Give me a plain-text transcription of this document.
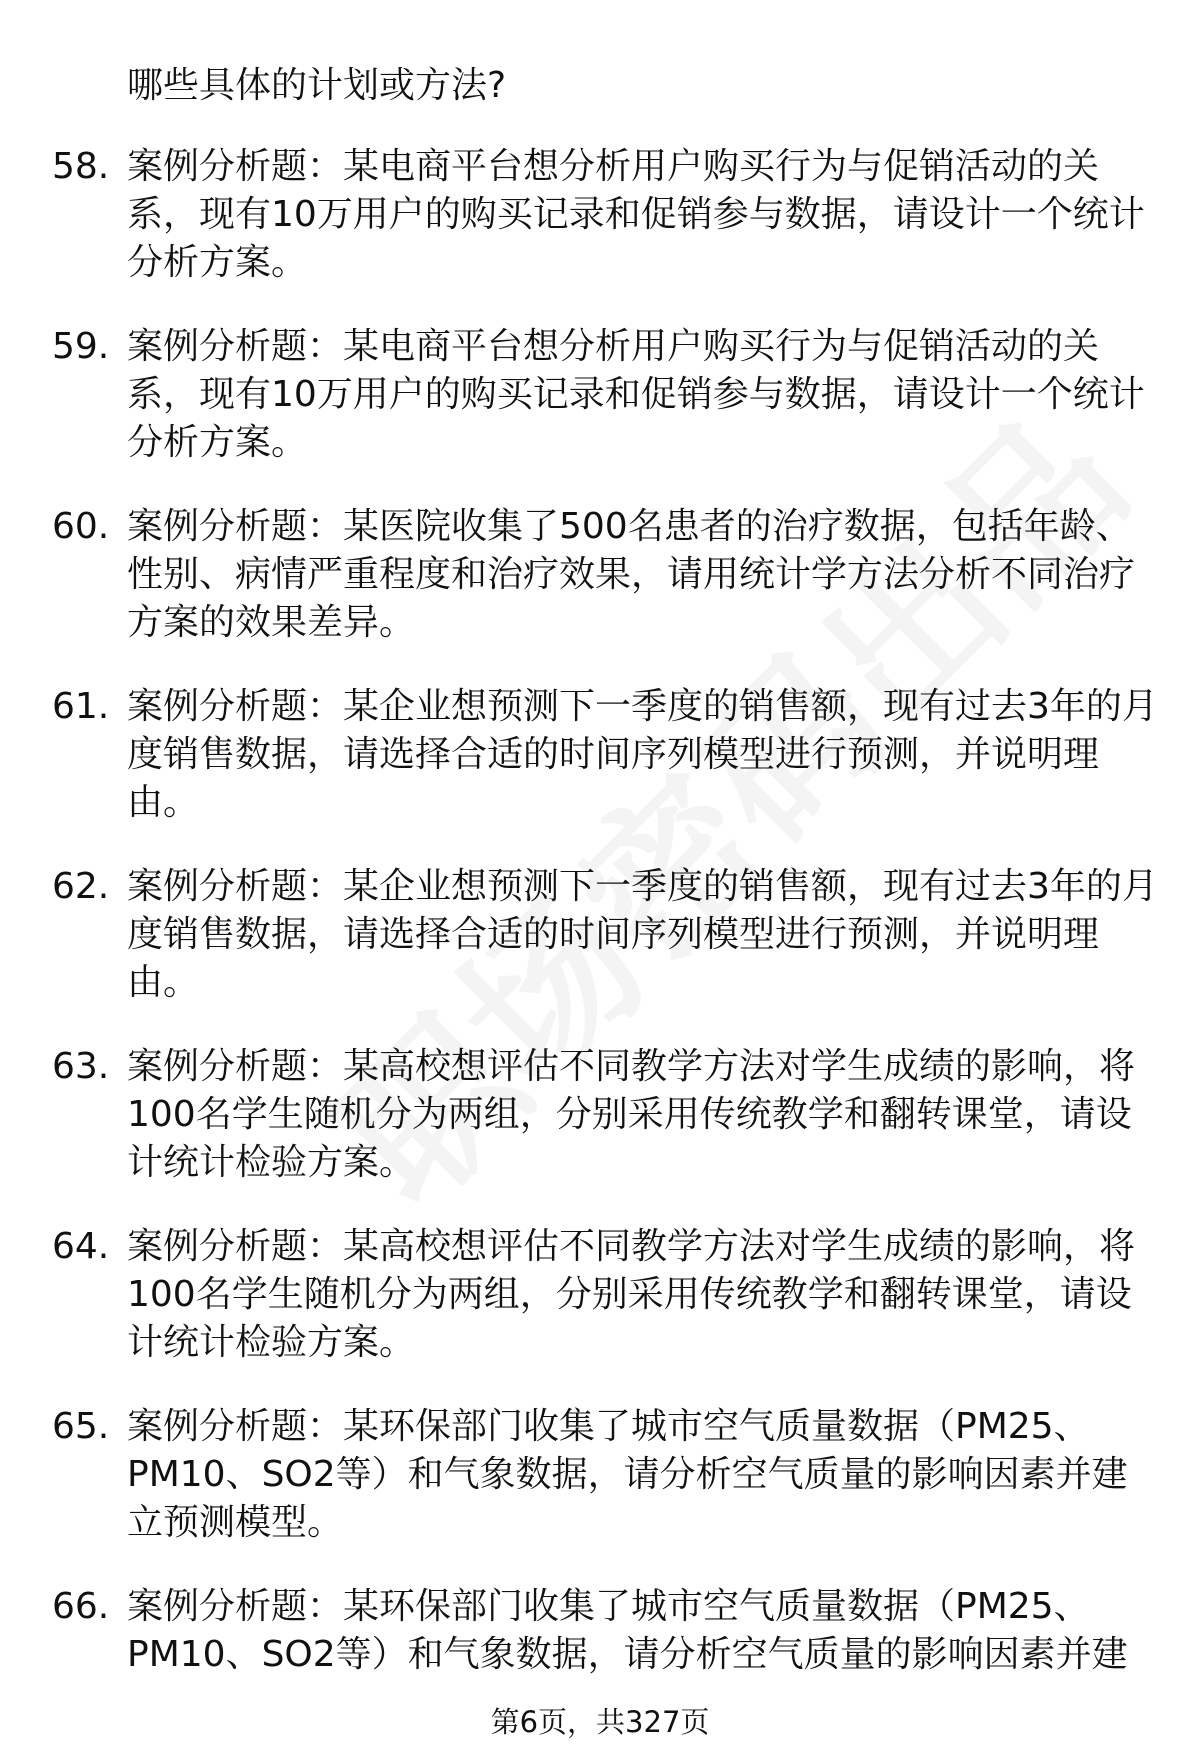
哪些具体的计划或方法?
58. 案例分析题：某电商平台想分析用户购买行为与促销活动的关
系，现有10万用户的购买记录和促销参与数据，请设计一个统计
分析方案。
59. 案例分析题：某电商平台想分析用户购买行为与促销活动的关
系，现有10万用户的购买记录和促销参与数据，请设计一个统计
分析方案。
60. 案例分析题：某医院收集了500名患者的治疗数据，包括年龄、
性别、病情严重程度和治疗效果，请用统计学方法分析不同治疗
方案的效果差异。
61. 案例分析题：某企业想预测下一季度的销售额，现有过去3年的月
度销售数据，请选择合适的时间序列模型进行预测，并说明理
由。
62. 案例分析题：某企业想预测下一季度的销售额，现有过去3年的月
度销售数据，请选择合适的时间序列模型进行预测，并说明理
由。
63. 案例分析题：某高校想评估不同教学方法对学生成绩的影响，将
100名学生随机分为两组，分别采用传统教学和翻转课堂，请设
计统计检验方案。
64. 案例分析题：某高校想评估不同教学方法对学生成绩的影响，将
100名学生随机分为两组，分别采用传统教学和翻转课堂，请设
计统计检验方案。
65. 案例分析题：某环保部门收集了城市空气质量数据（PM25、
PM10、SO2等）和气象数据，请分析空气质量的影响因素并建
立预测模型。
66. 案例分析题：某环保部门收集了城市空气质量数据（PM25、
PM10、SO2等）和气象数据，请分析空气质量的影响因素并建
第6页，共327页
